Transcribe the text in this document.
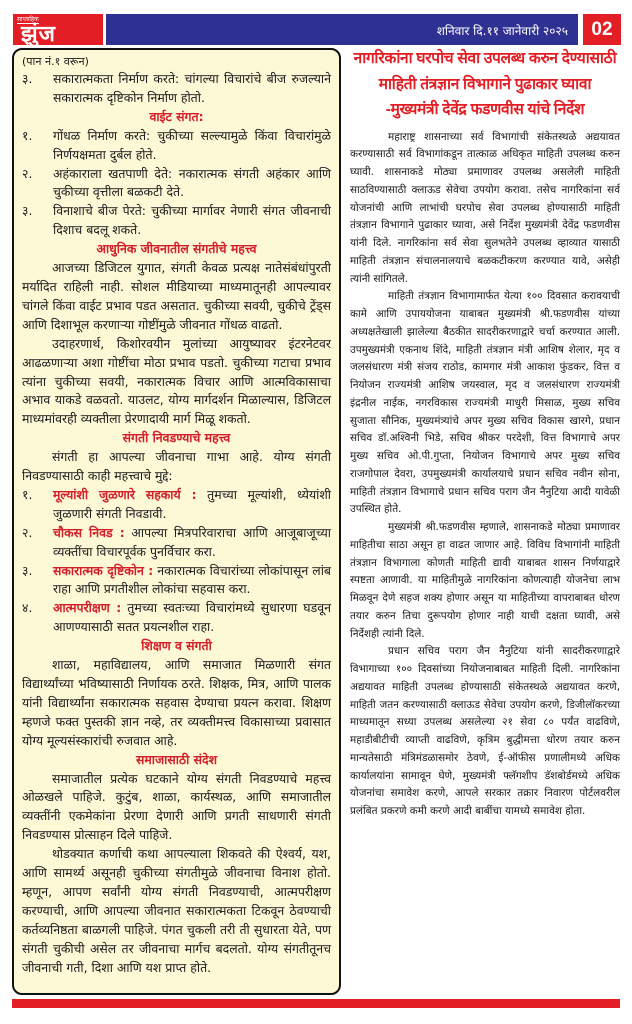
साप्ताहिक
झुंज	शनिवार दि.११ जानेवारी २०२५	02
(पान नं.१ वरून)
३.	सकारात्मकता निर्माण करते: चांगल्या विचारांचे बीज रुजल्याने सकारात्मक दृष्टिकोन निर्माण होतो.
वाईट संगत:
१.	गोंधळ निर्माण करते: चुकीच्या सल्ल्यामुळे किंवा विचारांमुळे निर्णयक्षमता दुर्बल होते.
२.	अहंकाराला खतपाणी देते: नकारात्मक संगती अहंकार आणि चुकीच्या वृत्तीला बळकटी देते.
३.	विनाशाचे बीज पेरते: चुकीच्या मार्गावर नेणारी संगत जीवनाची दिशाच बदलू शकते.
आधुनिक जीवनातील संगतीचे महत्त्व

आजच्या डिजिटल युगात, संगती केवळ प्रत्यक्ष नातेसंबंधांपुरती मर्यादित राहिली नाही. सोशल मीडियाच्या माध्यमातूनही आपल्यावर चांगले किंवा वाईट प्रभाव पडत असतात. चुकीच्या सवयी, चुकीचे ट्रेंड्स आणि दिशाभूल करणाऱ्या गोष्टींमुळे जीवनात गोंधळ वाढतो.

उदाहरणार्थ, किशोरवयीन मुलांच्या आयुष्यावर इंटरनेटवर आढळणाऱ्या अशा गोष्टींचा मोठा प्रभाव पडतो. चुकीच्या गटाचा प्रभाव त्यांना चुकीच्या सवयी, नकारात्मक विचार आणि आत्मविकासाचा अभाव याकडे वळवतो. याउलट, योग्य मार्गदर्शन मिळाल्यास, डिजिटल माध्यमांवरही व्यक्तीला प्रेरणादायी मार्ग मिळू शकतो.

संगती निवडण्याचे महत्त्व

संगती हा आपल्या जीवनाचा गाभा आहे. योग्य संगती निवडण्यासाठी काही महत्त्वाचे मुद्दे:

१.	मूल्यांशी जुळणारे सहकार्य : तुमच्या मूल्यांशी, ध्येयांशी जुळणारी संगती निवडावी.
२.	चौकस निवड : आपल्या मित्रपरिवाराचा आणि आजूबाजूच्या व्यक्तींचा विचारपूर्वक पुनर्विचार करा.
३.	सकारात्मक दृष्टिकोन : नकारात्मक विचारांच्या लोकांपासून लांब राहा आणि प्रगतीशील लोकांचा सहवास करा.
४.	आत्मपरीक्षण : तुमच्या स्वतःच्या विचारांमध्ये सुधारणा घडवून आणण्यासाठी सतत प्रयत्नशील राहा.
शिक्षण व संगती

शाळा, महाविद्यालय, आणि समाजात मिळणारी संगत विद्यार्थ्यांच्या भविष्यासाठी निर्णायक ठरते. शिक्षक, मित्र, आणि पालक यांनी विद्यार्थ्यांना सकारात्मक सहवास देण्याचा प्रयत्न करावा. शिक्षण म्हणजे फक्त पुस्तकी ज्ञान नव्हे, तर व्यक्तीमत्त्व विकासाच्या प्रवासात योग्य मूल्यसंस्कारांची रुजवात आहे.

समाजासाठी संदेश

समाजातील प्रत्येक घटकाने योग्य संगती निवडण्याचे महत्त्व ओळखले पाहिजे. कुटुंब, शाळा, कार्यस्थळ, आणि समाजातील व्यक्तींनी एकमेकांना प्रेरणा देणारी आणि प्रगती साधणारी संगती निवडण्यास प्रोत्साहन दिले पाहिजे.

थोडक्यात कर्णाची कथा आपल्याला शिकवते की ऐश्वर्य, यश, आणि सामर्थ्य असूनही चुकीच्या संगतीमुळे जीवनाचा विनाश होतो. म्हणून, आपण सर्वांनी योग्य संगती निवडण्याची, आत्मपरीक्षण करण्याची, आणि आपल्या जीवनात सकारात्मकता टिकवून ठेवण्याची कर्तव्यनिष्ठता बाळगली पाहिजे. पंगत चुकली तरी ती सुधारता येते, पण संगती चुकीची असेल तर जीवनाचा मार्गच बदलतो. योग्य संगतीतूनच जीवनाची गती, दिशा आणि यश प्राप्त होते.

नागरिकांना घरपोच सेवा उपलब्ध करुन देण्यासाठी
माहिती तंत्रज्ञान विभागाने पुढाकार घ्यावा
-मुख्यमंत्री देवेंद्र फडणवीस यांचे निर्देश

महाराष्ट्र शासनाच्या सर्व विभागांची संकेतस्थळे अद्ययावत करण्यासाठी सर्व विभागांकडून तात्काळ अधिकृत माहिती उपलब्ध करुन घ्यावी. शासनाकडे मोठ्या प्रमाणावर उपलब्ध असलेली माहिती साठविण्यासाठी क्लाऊड सेवेचा उपयोग करावा. तसेच नागरिकांना सर्व योजनांची आणि लाभांची घरपोच सेवा उपलब्ध होण्यासाठी माहिती तंत्रज्ञान विभागाने पुढाकार घ्यावा, असे निर्देश मुख्यमंत्री देवेंद्र फडणवीस यांनी दिले. नागरिकांना सर्व सेवा सुलभतेने उपलब्ध व्हाव्यात यासाठी माहिती तंत्रज्ञान संचालनालयाचे बळकटीकरण करण्यात यावे, असेही त्यांनी सांगितले.

माहिती तंत्रज्ञान विभागामार्फत येत्या १०० दिवसात करावयाची कामे आणि उपाययोजना याबाबत मुख्यमंत्री श्री.फडणवीस यांच्या अध्यक्षतेखाली झालेल्या बैठकीत सादरीकरणाद्वारे चर्चा करण्यात आली. उपमुख्यमंत्री एकनाथ शिंदे, माहिती तंत्रज्ञान मंत्री आशिष शेलार, मृद व जलसंधारण मंत्री संजय राठोड, कामगार मंत्री आकाश फुंडकर, वित्त व नियोजन राज्यमंत्री आशिष जयस्वाल, मृद व जलसंधारण राज्यमंत्री इंद्रनील नाईक, नगरविकास राज्यमंत्री माधुरी मिसाळ, मुख्य सचिव सुजाता सौनिक, मुख्यमंत्र्यांचे अपर मुख्य सचिव विकास खारगे, प्रधान सचिव डॉ.अश्विनी भिडे, सचिव श्रीकर परदेशी, वित्त विभागाचे अपर मुख्य सचिव ओ.पी.गुप्ता, नियोजन विभागाचे अपर मुख्य सचिव राजगोपाल देवरा, उपमुख्यमंत्री कार्यालयाचे प्रधान सचिव नवीन सोना, माहिती तंत्रज्ञान विभागाचे प्रधान सचिव पराग जैन नैनुटिया आदी यावेळी उपस्थित होते.

मुख्यमंत्री श्री.फडणवीस म्हणाले, शासनाकडे मोठ्या प्रमाणावर माहितीचा साठा असून हा वाढत जाणार आहे. विविध विभागांनी माहिती तंत्रज्ञान विभागाला कोणती माहिती द्यावी याबाबत शासन निर्णयाद्वारे स्पष्टता आणावी. या माहितीमुळे नागरिकांना कोणत्याही योजनेचा लाभ मिळवून देणे सहज शक्य होणार असून या माहितीच्या वापराबाबत धोरण तयार करुन तिचा दुरूपयोग होणार नाही याची दक्षता घ्यावी, असे निर्देशही त्यांनी दिले.

प्रधान सचिव पराग जैन नैनुटिया यांनी सादरीकरणाद्वारे विभागाच्या १०० दिवसांच्या नियोजनाबाबत माहिती दिली. नागरिकांना अद्ययावत माहिती उपलब्ध होण्यासाठी संकेतस्थळे अद्ययावत करणे, माहिती जतन करण्यासाठी क्लाऊड सेवेचा उपयोग करणे, डिजीलॉकरच्या माध्यमातून सध्या उपलब्ध असलेल्या २१ सेवा ८० पर्यंत वाढविणे, महाडीबीटीची व्याप्ती वाढविणे, कृत्रिम बुद्धीमत्ता धोरण तयार करुन मान्यतेसाठी मंत्रिमंडळासमोर ठेवणे, ई-ऑफीस प्रणालीमध्ये अधिक कार्यालयांना सामावून घेणे, मुख्यमंत्री फ्लॅगशीप डॅशबोर्डमध्ये अधिक योजनांचा समावेश करणे, आपले सरकार तक्रार निवारण पोर्टलवरील प्रलंबित प्रकरणे कमी करणे आदी बाबींचा यामध्ये समावेश होता.
